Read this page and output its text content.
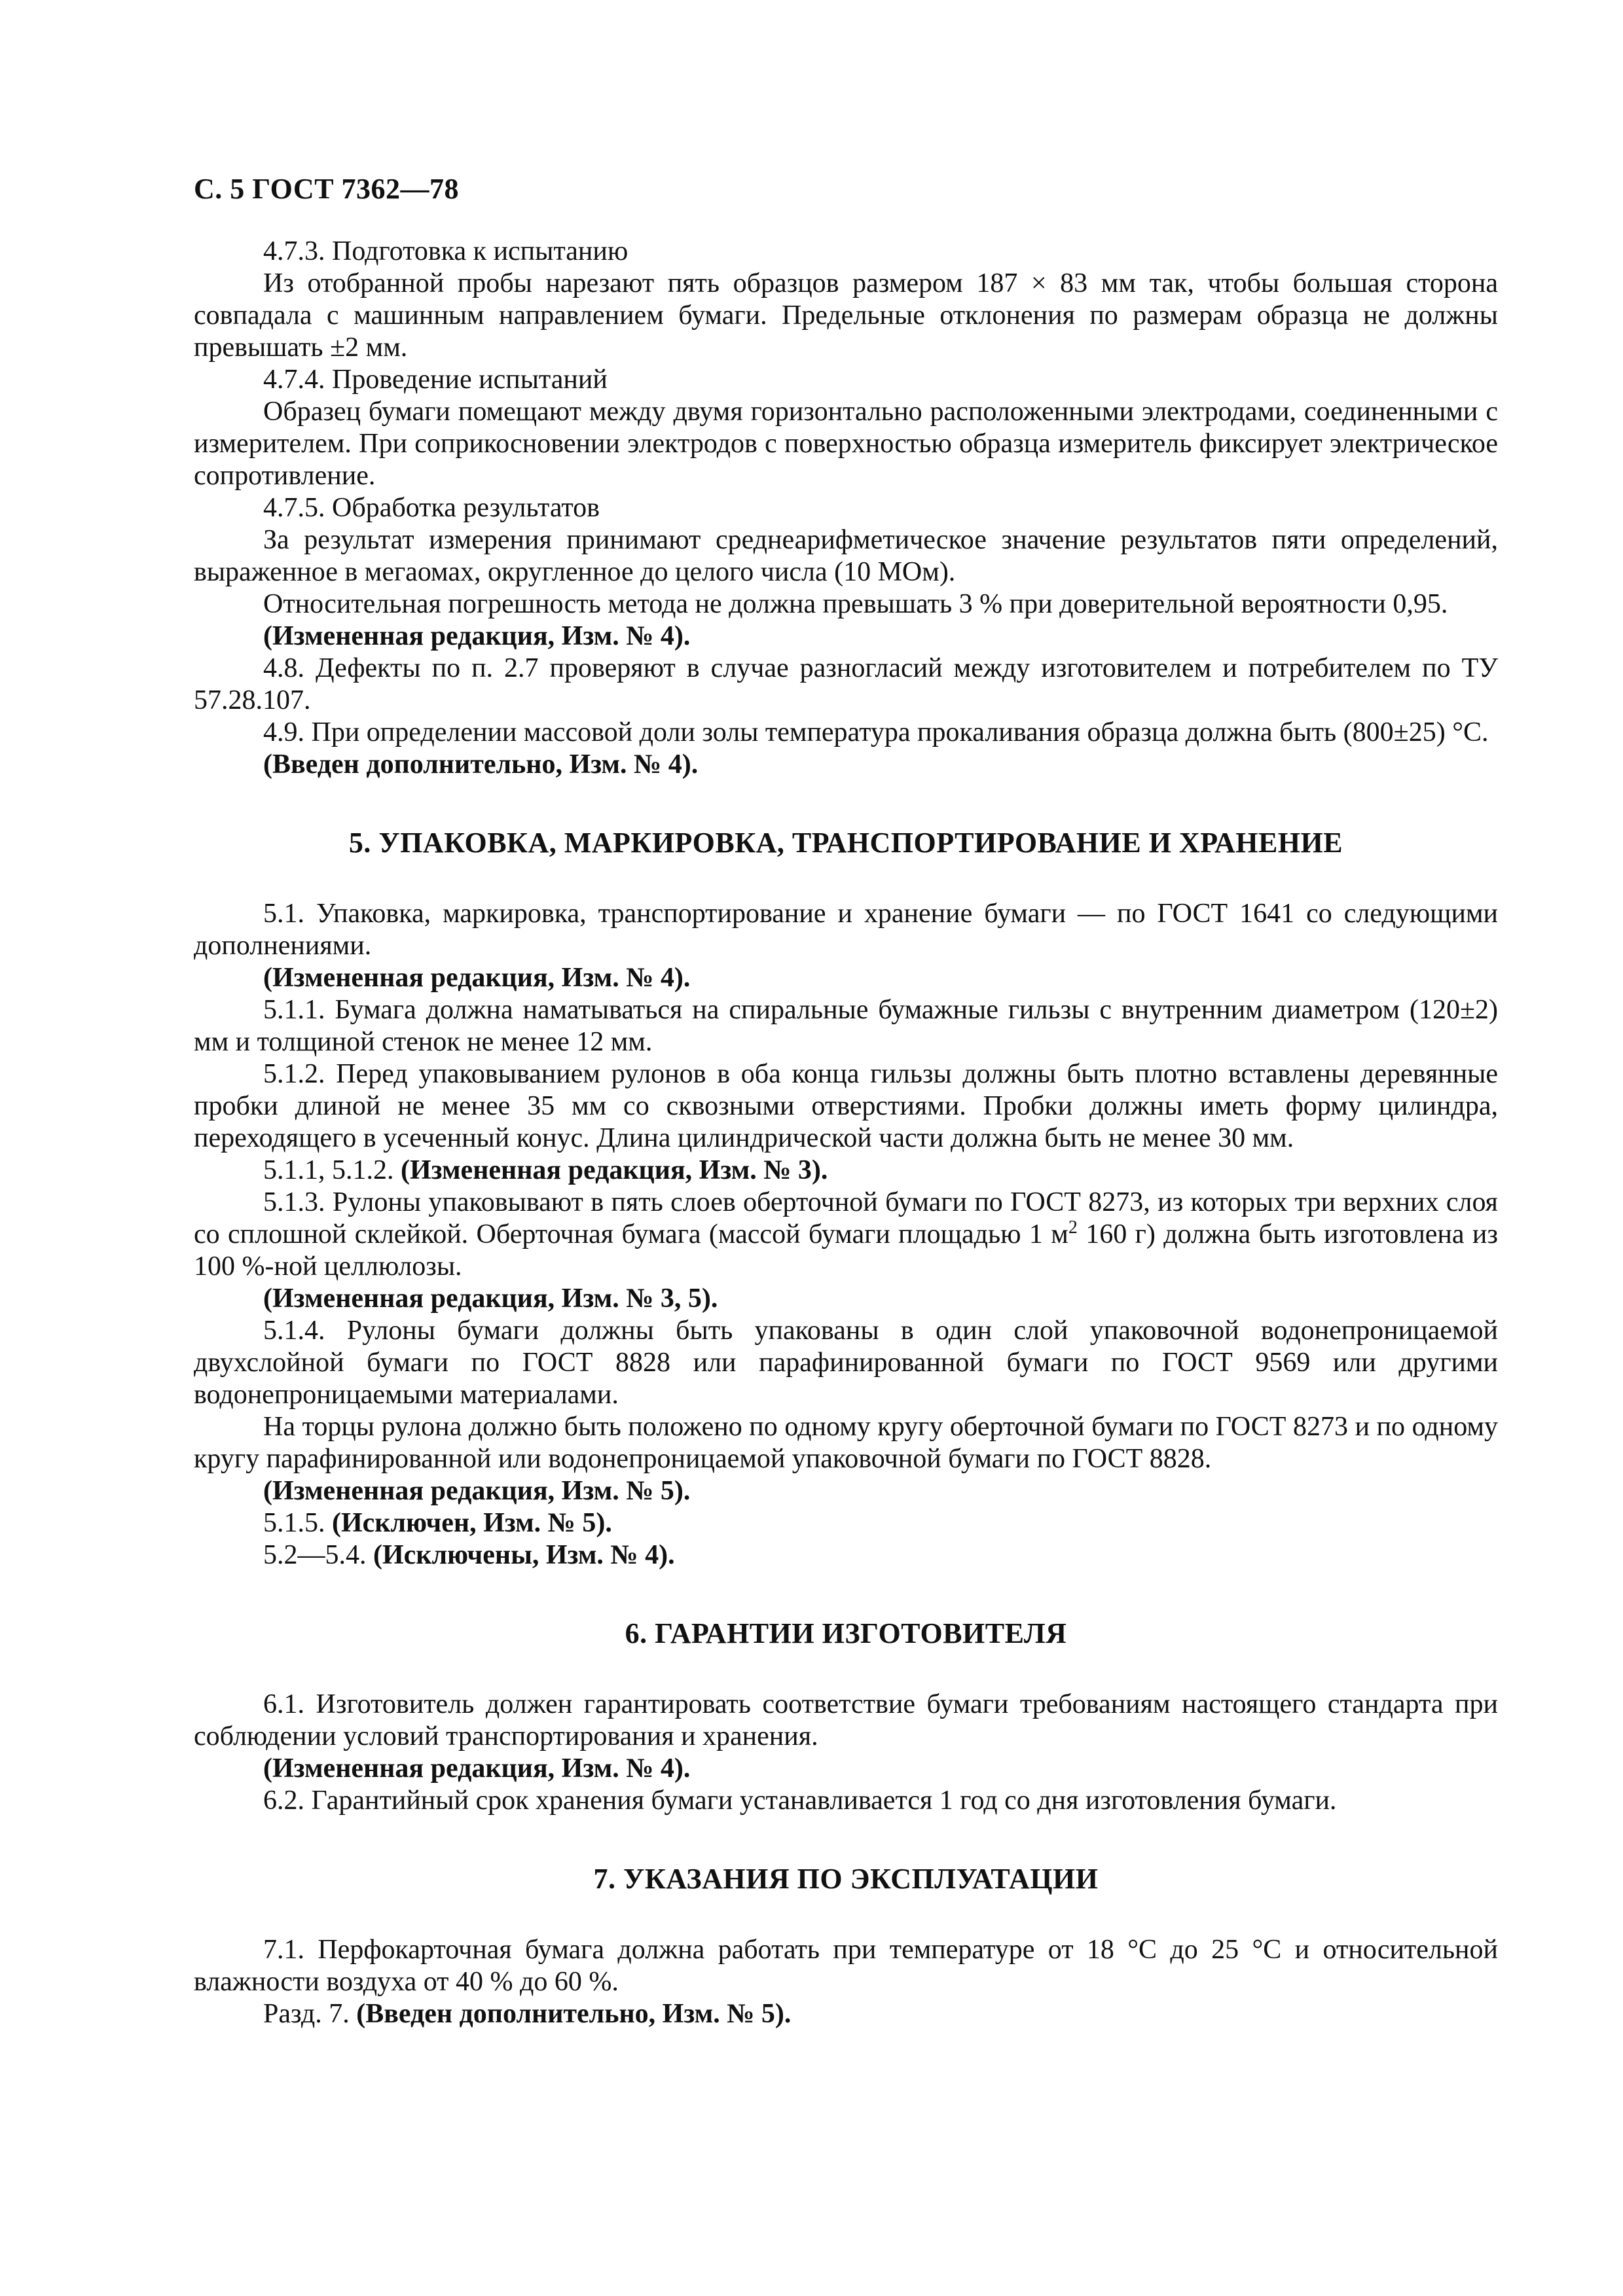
С. 5 ГОСТ 7362—78

4.7.3. Подготовка к испытанию

Из отобранной пробы нарезают пять образцов размером 187 × 83 мм так, чтобы большая сторона совпадала с машинным направлением бумаги. Предельные отклонения по размерам образца не должны превышать ±2 мм.

4.7.4. Проведение испытаний

Образец бумаги помещают между двумя горизонтально расположенными электродами, соединенными с измерителем. При соприкосновении электродов с поверхностью образца измеритель фиксирует электрическое сопротивление.

4.7.5. Обработка результатов

За результат измерения принимают среднеарифметическое значение результатов пяти определений, выраженное в мегаомах, округленное до целого числа (10 МОм).

Относительная погрешность метода не должна превышать 3 % при доверительной вероятности 0,95.

(Измененная редакция, Изм. № 4).

4.8. Дефекты по п. 2.7 проверяют в случае разногласий между изготовителем и потребителем по ТУ 57.28.107.

4.9. При определении массовой доли золы температура прокаливания образца должна быть (800±25) °С.

(Введен дополнительно, Изм. № 4).

5. УПАКОВКА, МАРКИРОВКА, ТРАНСПОРТИРОВАНИЕ И ХРАНЕНИЕ

5.1. Упаковка, маркировка, транспортирование и хранение бумаги — по ГОСТ 1641 со следующими дополнениями.

(Измененная редакция, Изм. № 4).

5.1.1. Бумага должна наматываться на спиральные бумажные гильзы с внутренним диаметром (120±2) мм и толщиной стенок не менее 12 мм.

5.1.2. Перед упаковыванием рулонов в оба конца гильзы должны быть плотно вставлены деревянные пробки длиной не менее 35 мм со сквозными отверстиями. Пробки должны иметь форму цилиндра, переходящего в усеченный конус. Длина цилиндрической части должна быть не менее 30 мм.

5.1.1, 5.1.2. (Измененная редакция, Изм. № 3).

5.1.3. Рулоны упаковывают в пять слоев оберточной бумаги по ГОСТ 8273, из которых три верхних слоя со сплошной склейкой. Оберточная бумага (массой бумаги площадью 1 $м^2$ 160 г) должна быть изготовлена из 100 %-ной целлюлозы.

(Измененная редакция, Изм. № 3, 5).

5.1.4. Рулоны бумаги должны быть упакованы в один слой упаковочной водонепроницаемой двухслойной бумаги по ГОСТ 8828 или парафинированной бумаги по ГОСТ 9569 или другими водонепроницаемыми материалами.

На торцы рулона должно быть положено по одному кругу оберточной бумаги по ГОСТ 8273 и по одному кругу парафинированной или водонепроницаемой упаковочной бумаги по ГОСТ 8828.

(Измененная редакция, Изм. № 5).

5.1.5. (Исключен, Изм. № 5).

5.2—5.4. (Исключены, Изм. № 4).

6. ГАРАНТИИ ИЗГОТОВИТЕЛЯ

6.1. Изготовитель должен гарантировать соответствие бумаги требованиям настоящего стандарта при соблюдении условий транспортирования и хранения.

(Измененная редакция, Изм. № 4).

6.2. Гарантийный срок хранения бумаги устанавливается 1 год со дня изготовления бумаги.

7. УКАЗАНИЯ ПО ЭКСПЛУАТАЦИИ

7.1. Перфокарточная бумага должна работать при температуре от 18 °С до 25 °С и относительной влажности воздуха от 40 % до 60 %.

Разд. 7. (Введен дополнительно, Изм. № 5).
